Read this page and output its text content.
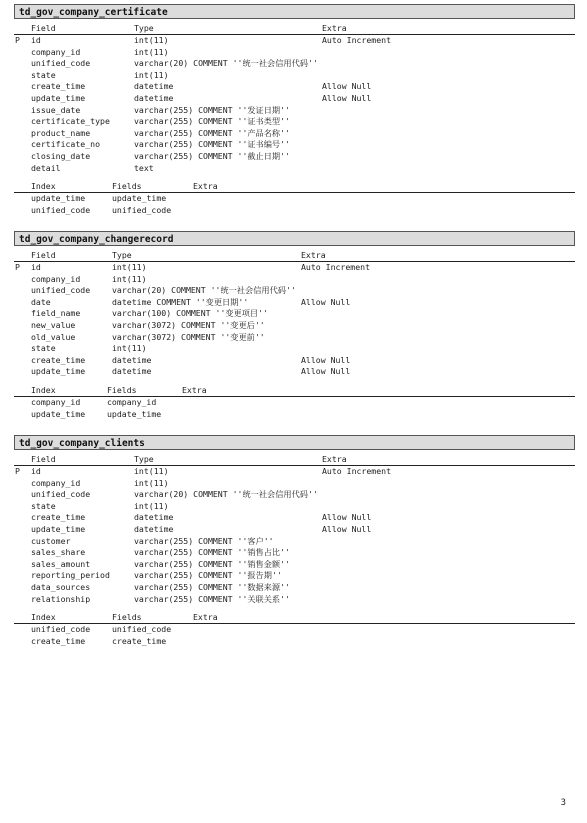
td_gov_company_certificate
Field	Type	Extra
P id	int(11)	Auto Increment
company_id	int(11)
unified_code	varchar(20) COMMENT ''统一社会信用代码''
state	int(11)
create_time	datetime	Allow Null
update_time	datetime	Allow Null
issue_date	varchar(255) COMMENT ''发证日期''
certificate_type	varchar(255) COMMENT ''证书类型''
product_name	varchar(255) COMMENT ''产品名称''
certificate_no	varchar(255) COMMENT ''证书编号''
closing_date	varchar(255) COMMENT ''截止日期''
detail	text
Index	Fields	Extra
update_time	update_time
unified_code	unified_code
td_gov_company_changerecord
Field	Type	Extra
P id	int(11)	Auto Increment
company_id	int(11)
unified_code	varchar(20) COMMENT ''统一社会信用代码''
date	datetime COMMENT ''变更日期''	Allow Null
field_name	varchar(100) COMMENT ''变更项目''
new_value	varchar(3072) COMMENT ''变更后''
old_value	varchar(3072) COMMENT ''变更前''
state	int(11)
create_time	datetime	Allow Null
update_time	datetime	Allow Null
Index	Fields	Extra
company_id	company_id
update_time	update_time
td_gov_company_clients
Field	Type	Extra
P id	int(11)	Auto Increment
company_id	int(11)
unified_code	varchar(20) COMMENT ''统一社会信用代码''
state	int(11)
create_time	datetime	Allow Null
update_time	datetime	Allow Null
customer	varchar(255) COMMENT ''客户''
sales_share	varchar(255) COMMENT ''销售占比''
sales_amount	varchar(255) COMMENT ''销售金额''
reporting_period	varchar(255) COMMENT ''报告期''
data_sources	varchar(255) COMMENT ''数据来源''
relationship	varchar(255) COMMENT ''关联关系''
Index	Fields	Extra
unified_code	unified_code
create_time	create_time
3
